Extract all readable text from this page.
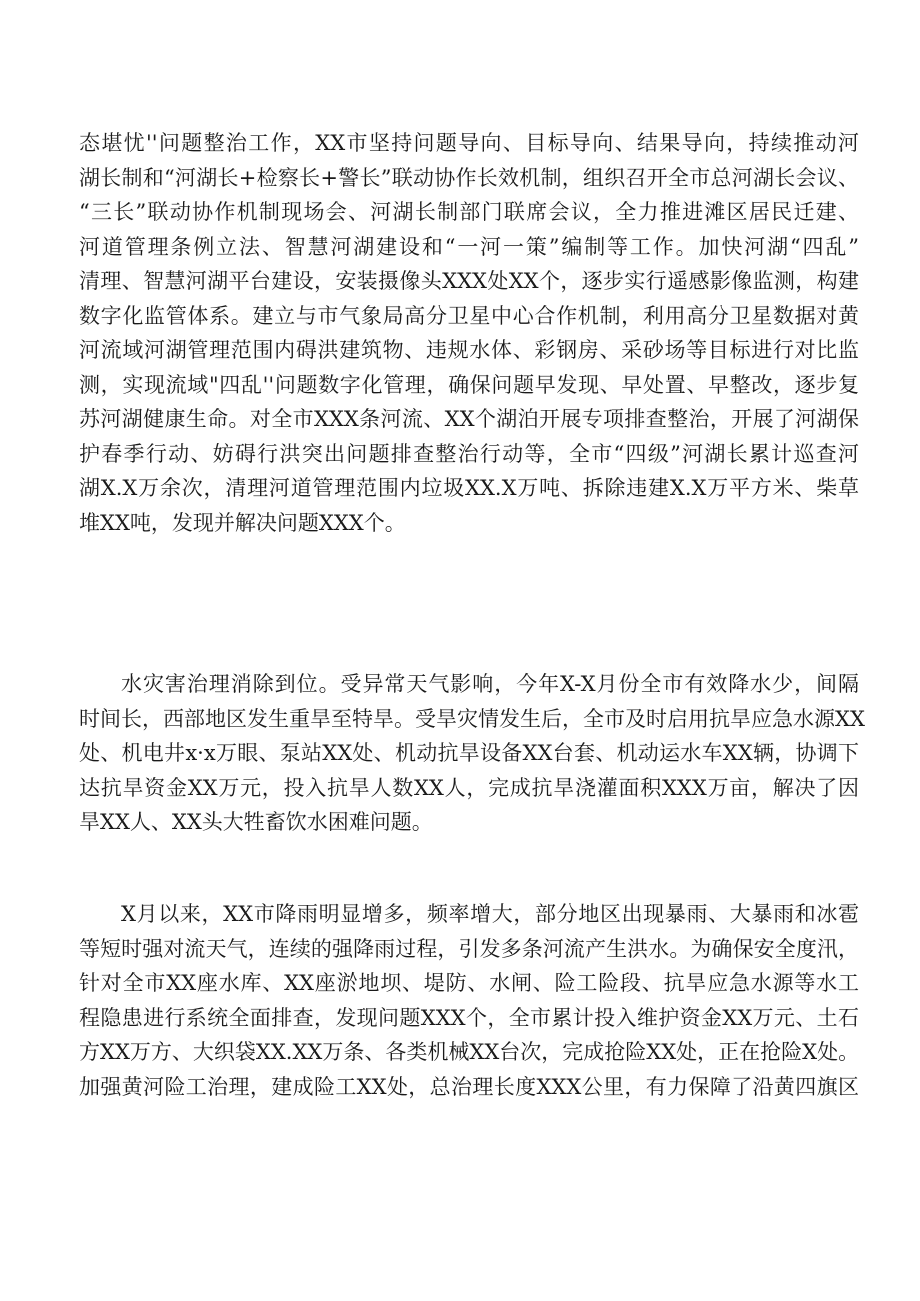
态堪忧''问题整治工作，XX市坚持问题导向、目标导向、结果导向，持续推动河
湖长制和“河湖长+检察长+警长”联动协作长效机制，组织召开全市总河湖长会议、
“三长”联动协作机制现场会、河湖长制部门联席会议，全力推进滩区居民迁建、
河道管理条例立法、智慧河湖建设和“一河一策”编制等工作。加快河湖“四乱”
清理、智慧河湖平台建设，安装摄像头XXX处XX个，逐步实行遥感影像监测，构建
数字化监管体系。建立与市气象局高分卫星中心合作机制，利用高分卫星数据对黄
河流域河湖管理范围内碍洪建筑物、违规水体、彩钢房、采砂场等目标进行对比监
测，实现流域"四乱''问题数字化管理，确保问题早发现、早处置、早整改，逐步复
苏河湖健康生命。对全市XXX条河流、XX个湖泊开展专项排查整治，开展了河湖保
护春季行动、妨碍行洪突出问题排查整治行动等，全市“四级”河湖长累计巡查河
湖X.X万余次，清理河道管理范围内垃圾XX.X万吨、拆除违建X.X万平方米、柴草
堆XX吨，发现并解决问题XXX个。
水灾害治理消除到位。受异常天气影响，今年X-X月份全市有效降水少，间隔
时间长，西部地区发生重旱至特旱。受旱灾情发生后，全市及时启用抗旱应急水源XX
处、机电井x·x万眼、泵站XX处、机动抗旱设备XX台套、机动运水车XX辆，协调下
达抗旱资金XX万元，投入抗旱人数XX人，完成抗旱浇灌面积XXX万亩，解决了因
旱XX人、XX头大牲畜饮水困难问题。
X月以来，XX市降雨明显增多，频率增大，部分地区出现暴雨、大暴雨和冰雹
等短时强对流天气，连续的强降雨过程，引发多条河流产生洪水。为确保安全度汛，
针对全市XX座水库、XX座淤地坝、堤防、水闸、险工险段、抗旱应急水源等水工
程隐患进行系统全面排查，发现问题XXX个，全市累计投入维护资金XX万元、土石
方XX万方、大织袋XX.XX万条、各类机械XX台次，完成抢险XX处，正在抢险X处。
加强黄河险工治理，建成险工XX处，总治理长度XXX公里，有力保障了沿黄四旗区
